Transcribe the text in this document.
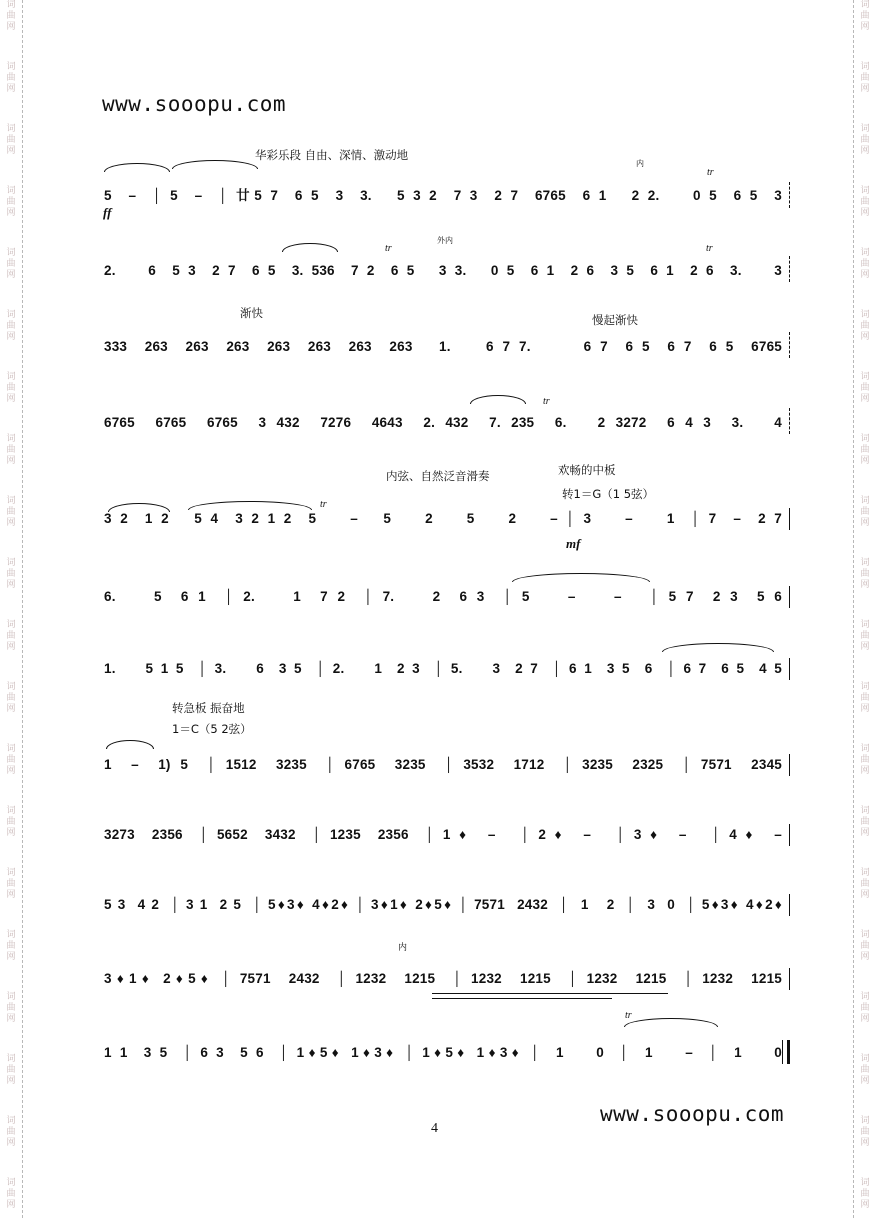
词
曲
网
词
曲
网
词
曲
网
词
曲
网
词
曲
网
词
曲
网
词
曲
网
词
曲
网
词
曲
网
词
曲
网
词
曲
网
词
曲
网
词
曲
网
词
曲
网
词
曲
网
词
曲
网
词
曲
网
词
曲
网
词
曲
网
词
曲
网
词
曲
网
词
曲
网
词
曲
网
词
曲
网
词
曲
网
词
曲
网
词
曲
网
词
曲
网
词
曲
网
词
曲
网
词
曲
网
词
曲
网
词
曲
网
词
曲
网
词
曲
网
词
曲
网
词
曲
网
词
曲
网
词
曲
网
词
曲
网
www.sooopu.com
华彩乐段 自由、深情、激动地
ff
渐快	慢起渐快
内弦、自然泛音滑奏	欢畅的中板
转1＝G（1 5弦）
mf
转急板 振奋地
1＝C（5 2弦）
内
外内
内
tr
tr	tr
tr
tr
tr
5  –  │ 5  –  │ 廿5 7  6 5  3  3.   5 3 2  7 3  2 7  6765  6 1   2 2.    0 5  6 5  3
2.    6  5 3  2 7  6 5  3. 536  7 2  6 5   3 3.   0 5  6 1  2 6  3 5  6 1  2 6  3.    3
333  263  263  263  263  263  263  263   1.    6 7 7.      6 7  6 5  6 7  6 5  6765
6765  6765  6765  3 432  7276  4643  2. 432  7. 235  6.   2 3272  6 4 3  3.   4
3 2  1 2   5 4  3 2 1 2  5    –   5    2    5    2    – │ 3    –    1  │ 7  –  2 7
6.    5  6 1  │ 2.    1  7 2  │ 7.    2  6 3  │ 5    –    –   │ 5 7  2 3  5 6
1.    5 1 5  │ 3.    6  3 5  │ 2.    1  2 3  │ 5.    3  2 7  │ 6 1  3 5  6  │ 6 7  6 5  4 5
1  –  1) 5  │ 1512  3235  │ 6765  3235  │ 3532  1712  │ 3235  2325  │ 7571  2345
3273  2356  │ 5652  3432  │ 1235  2356  │ 1 ♦  –   │ 2 ♦  –   │ 3 ♦  –   │ 4 ♦  –
5 3  4 2  │ 3 1  2 5  │ 5♦3♦ 4♦2♦ │ 3♦1♦ 2♦5♦ │ 7571  2432  │  1   2  │  3  0  │ 5♦3♦ 4♦2♦
3♦1♦ 2♦5♦ │ 7571  2432  │ 1232  1215  │ 1232  1215  │ 1232  1215  │ 1232  1215
1 1  3 5  │ 6 3  5 6  │ 1♦5♦ 1♦3♦ │ 1♦5♦ 1♦3♦ │  1    0  │  1    –  │  1    0
4
www.sooopu.com
